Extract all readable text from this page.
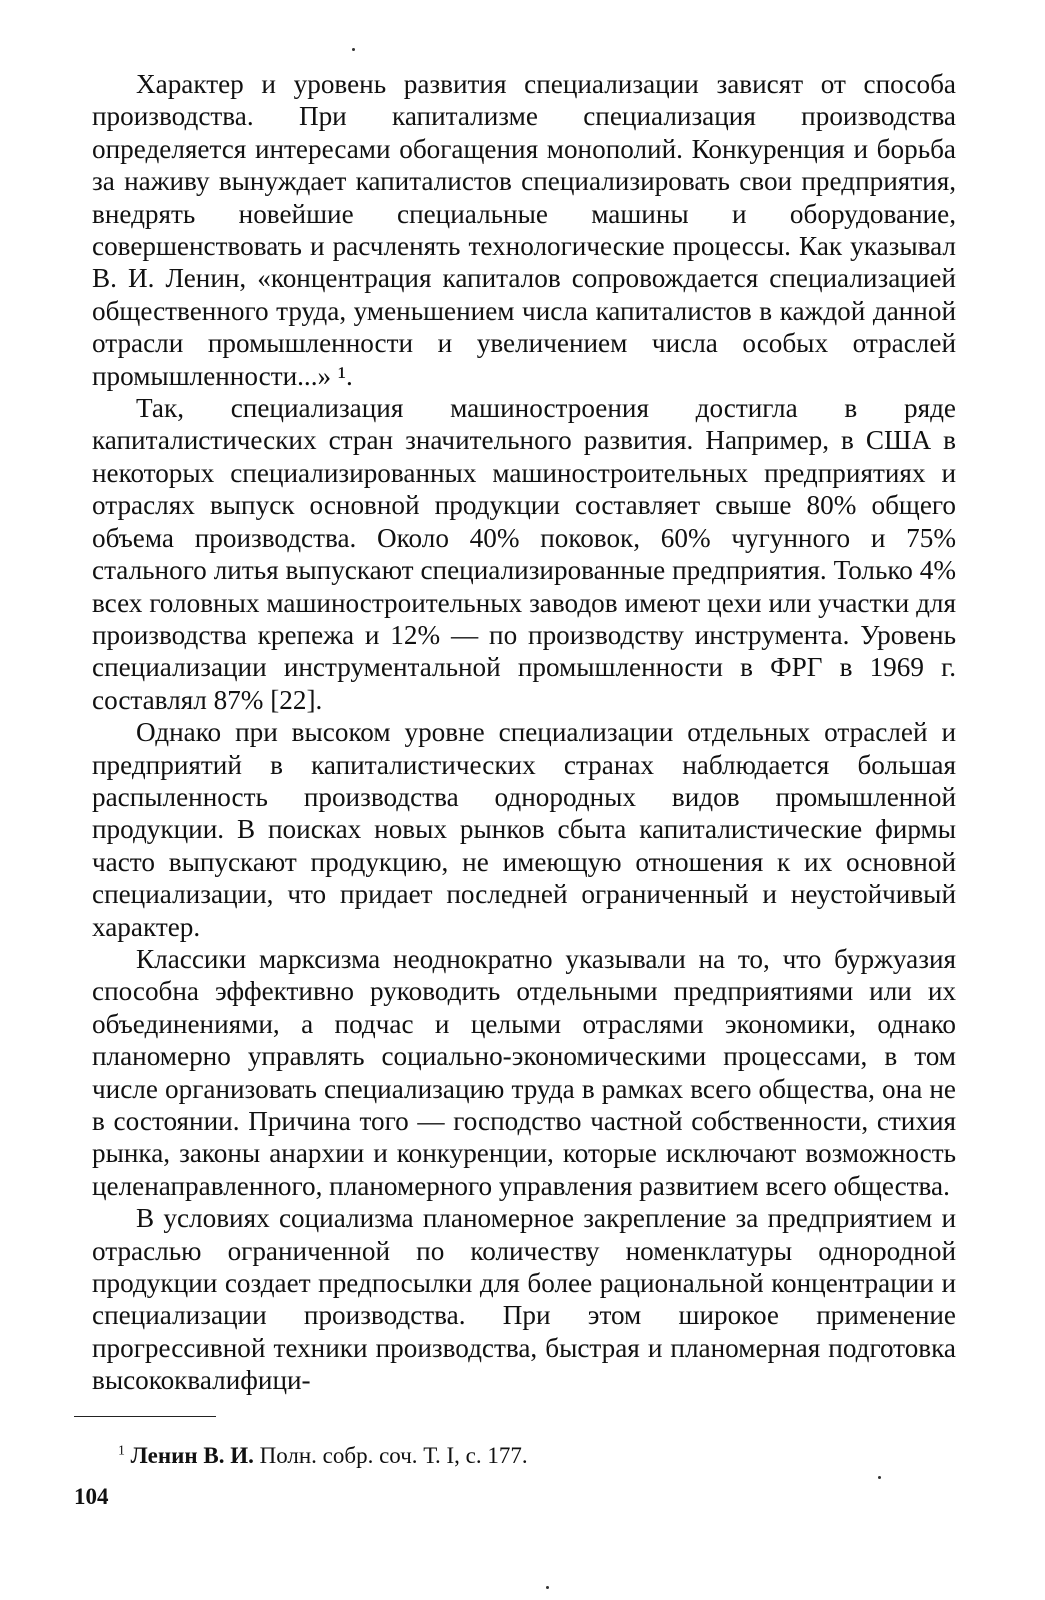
Характер и уровень развития специализации зависят от способа производства. При капитализме специализация производства определяется интересами обогащения монополий. Конкуренция и борьба за наживу вынуждает капиталистов специализировать свои предприятия, внедрять новейшие специальные машины и оборудование, совершенствовать и расчленять технологические процессы. Как указывал В. И. Ленин, «концентрация капиталов сопровождается специализацией общественного труда, уменьшением числа капиталистов в каждой данной отрасли промышленности и увеличением числа особых отраслей промышленности...» ¹.

Так, специализация машиностроения достигла в ряде капиталистических стран значительного развития. Например, в США в некоторых специализированных машиностроительных предприятиях и отраслях выпуск основной продукции составляет свыше 80% общего объема производства. Около 40% поковок, 60% чугунного и 75% стального литья выпускают специализированные предприятия. Только 4% всех головных машиностроительных заводов имеют цехи или участки для производства крепежа и 12% — по производству инструмента. Уровень специализации инструментальной промышленности в ФРГ в 1969 г. составлял 87% [22].

Однако при высоком уровне специализации отдельных отраслей и предприятий в капиталистических странах наблюдается большая распыленность производства однородных видов промышленной продукции. В поисках новых рынков сбыта капиталистические фирмы часто выпускают продукцию, не имеющую отношения к их основной специализации, что придает последней ограниченный и неустойчивый характер.

Классики марксизма неоднократно указывали на то, что буржуазия способна эффективно руководить отдельными предприятиями или их объединениями, а подчас и целыми отраслями экономики, однако планомерно управлять социально-экономическими процессами, в том числе организовать специализацию труда в рамках всего общества, она не в состоянии. Причина того — господство частной собственности, стихия рынка, законы анархии и конкуренции, которые исключают возможность целенаправленного, планомерного управления развитием всего общества.

В условиях социализма планомерное закрепление за предприятием и отраслью ограниченной по количеству номенклатуры однородной продукции создает предпосылки для более рациональной концентрации и специализации производства. При этом широкое применение прогрессивной техники производства, быстрая и планомерная подготовка высококвалифици-

$^1$ Ленин В. И. Полн. собр. соч. Т. I, с. 177.
104
